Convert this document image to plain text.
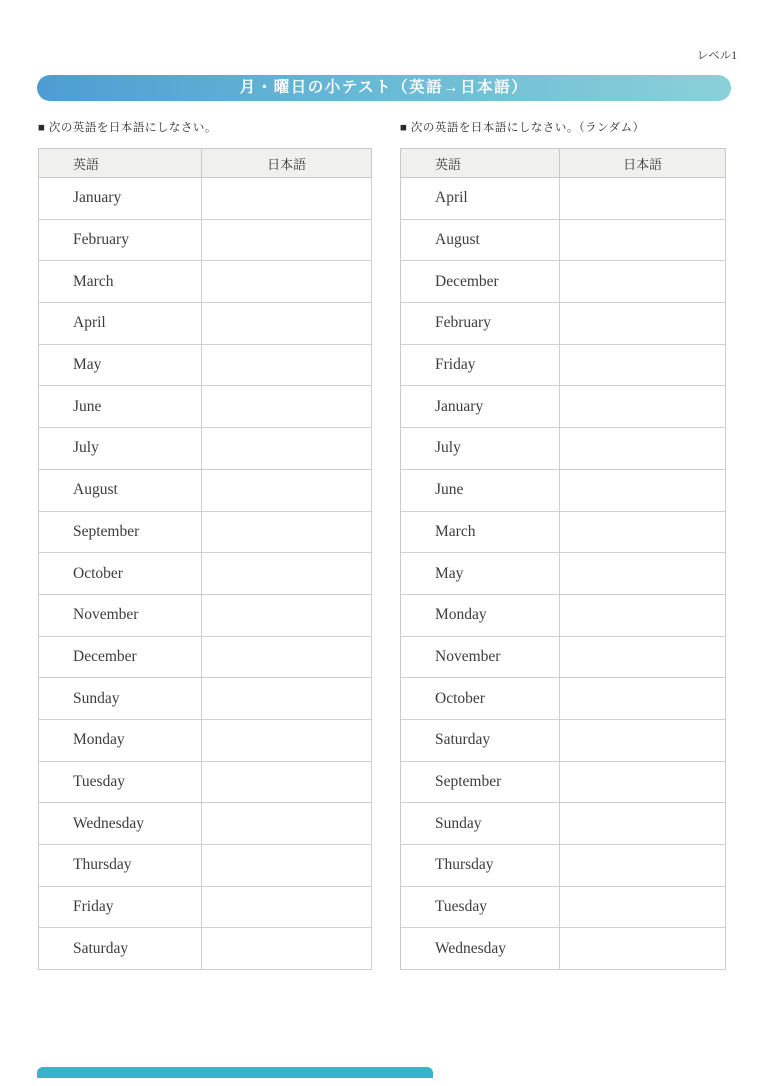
レベル1
月・曜日の小テスト（英語→日本語）
■ 次の英語を日本語にしなさい。
英語	日本語
January	
February	
March	
April	
May	
June	
July	
August	
September	
October	
November	
December	
Sunday	
Monday	
Tuesday	
Wednesday	
Thursday	
Friday	
Saturday	
■ 次の英語を日本語にしなさい。（ランダム）
英語	日本語
April	
August	
December	
February	
Friday	
January	
July	
June	
March	
May	
Monday	
November	
October	
Saturday	
September	
Sunday	
Thursday	
Tuesday	
Wednesday	
